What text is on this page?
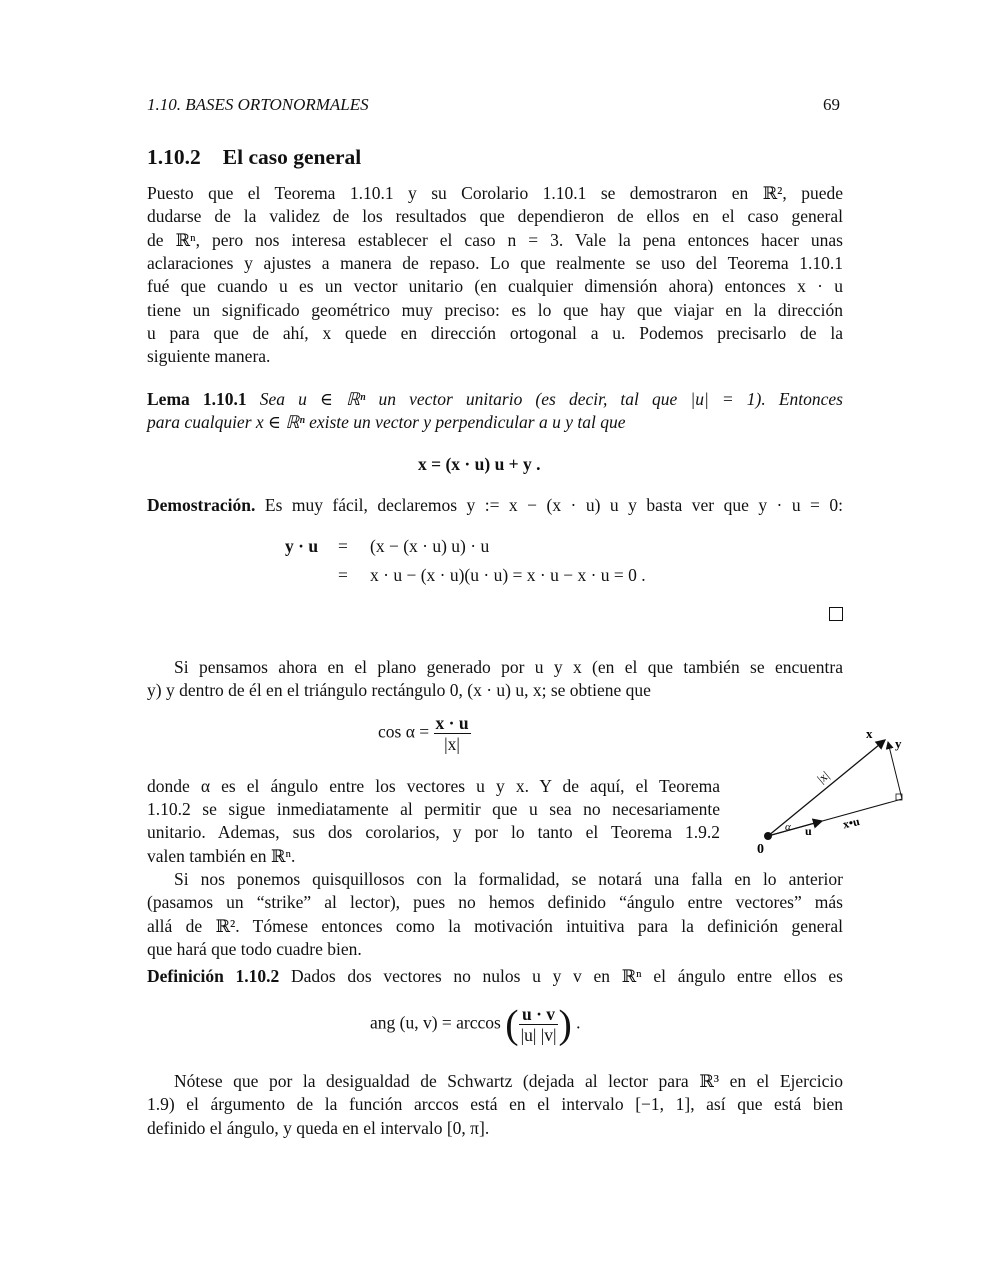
1.10. BASES ORTONORMALES	69
1.10.2 El caso general
Puesto que el Teorema 1.10.1 y su Corolario 1.10.1 se demostraron en ℝ², puede
dudarse de la validez de los resultados que dependieron de ellos en el caso general
de ℝⁿ, pero nos interesa establecer el caso n = 3. Vale la pena entonces hacer unas
aclaraciones y ajustes a manera de repaso. Lo que realmente se uso del Teorema 1.10.1
fué que cuando u es un vector unitario (en cualquier dimensión ahora) entonces x · u
tiene un significado geométrico muy preciso: es lo que hay que viajar en la dirección
u para que de ahí, x quede en dirección ortogonal a u. Podemos precisarlo de la
siguiente manera.
Lema 1.10.1 Sea u ∈ ℝⁿ un vector unitario (es decir, tal que |u| = 1). Entonces
para cualquier x ∈ ℝⁿ existe un vector y perpendicular a u y tal que
x = (x · u) u + y .
Demostración. Es muy fácil, declaremos y := x − (x · u) u y basta ver que y · u = 0:
y · u = (x − (x · u) u) · u
= x · u − (x · u)(u · u) = x · u − x · u = 0 .
Si pensamos ahora en el plano generado por u y x (en el que también se encuentra
y) y dentro de él en el triángulo rectángulo 0, (x · u) u, x; se obtiene que
$\cos \alpha = \frac{x \cdot u}{|x|}$
donde α es el ángulo entre los vectores u y x. Y de aquí, el Teorema
1.10.2 se sigue inmediatamente al permitir que u sea no necesariamente
unitario. Ademas, sus dos corolarios, y por lo tanto el Teorema 1.9.2
valen también en ℝⁿ.
x
y
|x|
α u x•u
0
Si nos ponemos quisquillosos con la formalidad, se notará una falla en lo anterior
(pasamos un “strike” al lector), pues no hemos definido “ángulo entre vectores” más
allá de ℝ². Tómese entonces como la motivación intuitiva para la definición general
que hará que todo cuadre bien.
Definición 1.10.2 Dados dos vectores no nulos u y v en ℝⁿ el ángulo entre ellos es
ang (u, v) = arccos ( $\frac{u \cdot v}{|u| |v|}$ ) .
Nótese que por la desigualdad de Schwartz (dejada al lector para ℝ³ en el Ejercicio
1.9) el árgumento de la función arccos está en el intervalo [−1, 1], así que está bien
definido el ángulo, y queda en el intervalo [0, π].
